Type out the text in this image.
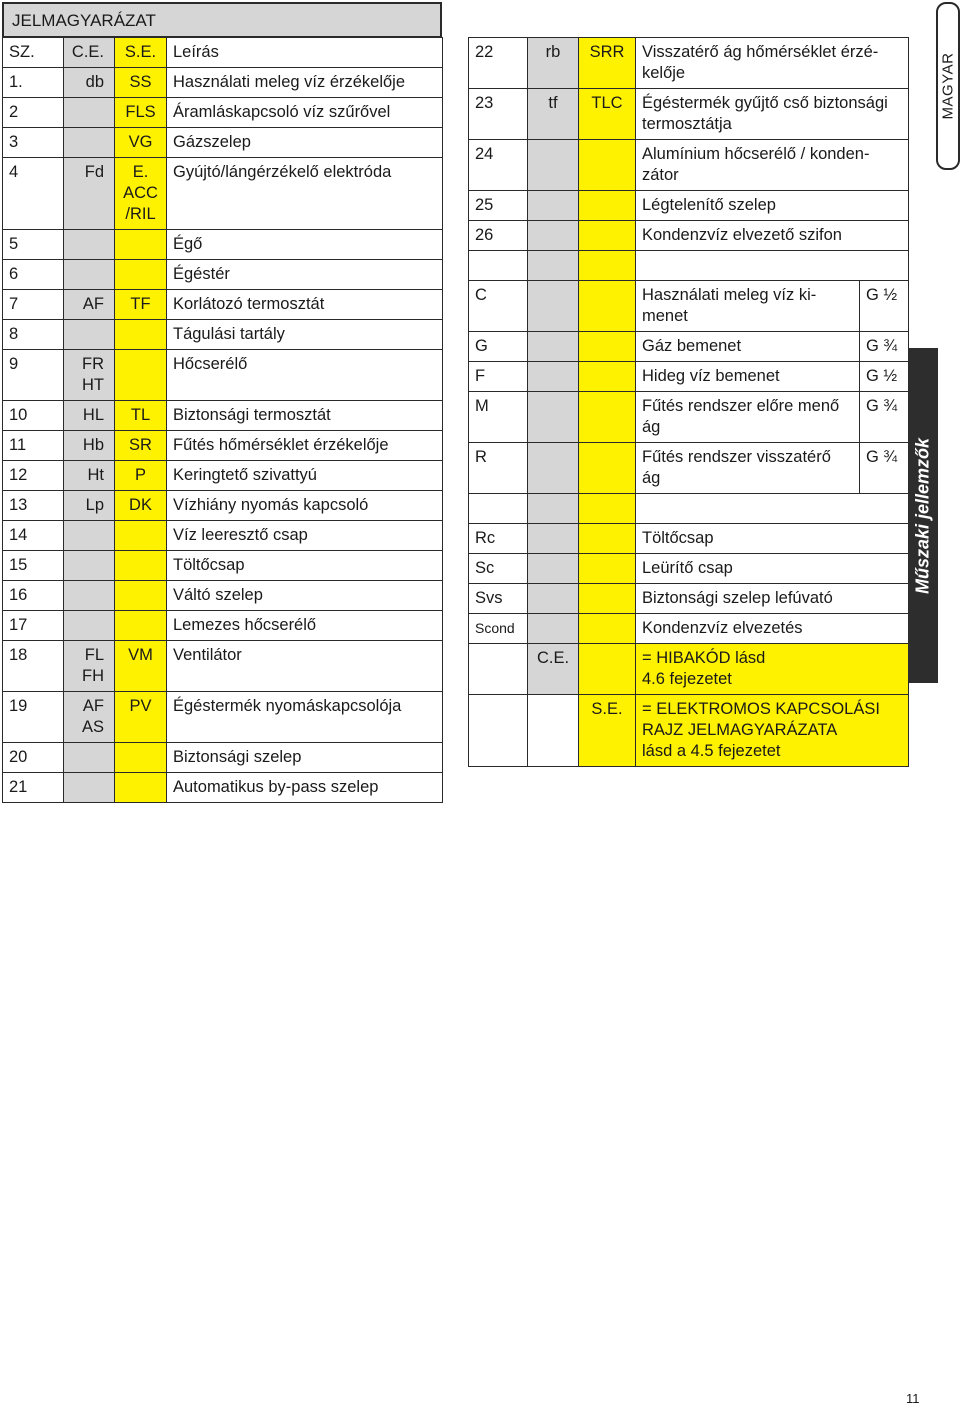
JELMAGYARÁZAT
SZ.	C.E.	S.E.	Leírás
1.	db	SS	Használati meleg víz érzékelője
2		FLS	Áramláskapcsoló víz szűrővel
3		VG	Gázszelep
4	Fd	E.
ACC
/RIL	Gyújtó/lángérzékelő elektróda
5			Égő
6			Égéstér
7	AF	TF	Korlátozó termosztát
8			Tágulási tartály
9	FR
HT		Hőcserélő
10	HL	TL	Biztonsági termosztát
11	Hb	SR	Fűtés hőmérséklet érzékelője
12	Ht	P	Keringtető szivattyú
13	Lp	DK	Vízhiány nyomás kapcsoló
14			Víz leeresztő csap
15			Töltőcsap
16			Váltó szelep
17			Lemezes hőcserélő
18	FL
FH	VM	Ventilátor
19	AF
AS	PV	Égéstermék nyomáskapcsolója
20			Biztonsági szelep
21			Automatikus by-pass szelep
22	rb	SRR	Visszatérő ág hőmérséklet érzé-
kelője	
23	tf	TLC	Égéstermék gyűjtő cső biztonsági
termosztátja	
24			Alumínium hőcserélő / konden-
zátor	
25			Légtelenítő szelep	
26			Kondenzvíz elvezető szifon	

C			Használati meleg víz ki-
menet	G ½
G			Gáz bemenet	G ¾
F			Hideg víz bemenet	G ½
M			Fűtés rendszer előre menő
ág	G ¾
R			Fűtés rendszer visszatérő
ág	G ¾

Rc			Töltőcsap	
Sc			Leürítő csap	
Svs			Biztonsági szelep lefúvató	
Scond			Kondenzvíz elvezetés	
	C.E.		= HIBAKÓD lásd
4.6 fejezetet	
		S.E.	= ELEKTROMOS KAPCSOLÁSI
RAJZ JELMAGYARÁZATA
lásd a 4.5 fejezetet	
MAGYAR
Műszaki jellemzők
11
